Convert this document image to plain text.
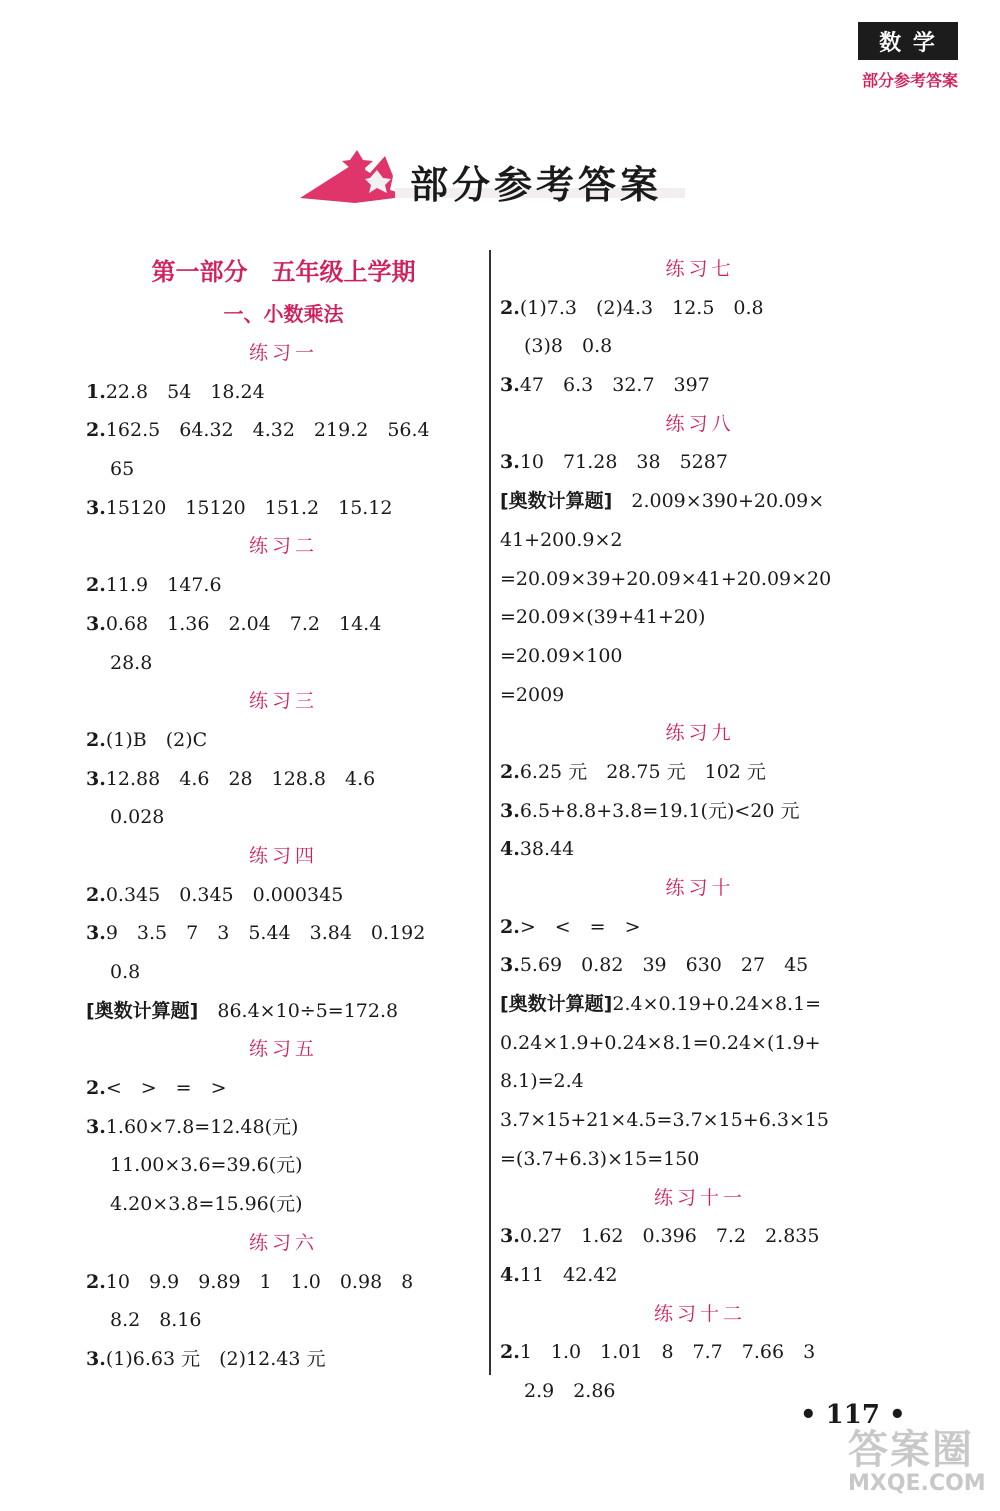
数 学
部分参考答案
部分参考答案
第一部分　五年级上学期
一、小数乘法
练习一
1.22.8　54　18.24
2.162.5　64.32　4.32　219.2　56.4
65
3.15120　15120　151.2　15.12
练习二
2.11.9　147.6
3.0.68　1.36　2.04　7.2　14.4
28.8
练习三
2.(1)B　(2)C
3.12.88　4.6　28　128.8　4.6
0.028
练习四
2.0.345　0.345　0.000345
3.9　3.5　7　3　5.44　3.84　0.192
0.8
[奥数计算题]　86.4×10÷5=172.8
练习五
2.<　>　=　>
3.1.60×7.8=12.48(元)
11.00×3.6=39.6(元)
4.20×3.8=15.96(元)
练习六
2.10　9.9　9.89　1　1.0　0.98　8
8.2　8.16
3.(1)6.63 元　(2)12.43 元
练习七
2.(1)7.3　(2)4.3　12.5　0.8
(3)8　0.8
3.47　6.3　32.7　397
练习八
3.10　71.28　38　5287
[奥数计算题]　2.009×390+20.09×
41+200.9×2
=20.09×39+20.09×41+20.09×20
=20.09×(39+41+20)
=20.09×100
=2009
练习九
2.6.25 元　28.75 元　102 元
3.6.5+8.8+3.8=19.1(元)<20 元
4.38.44
练习十
2.>　<　=　>
3.5.69　0.82　39　630　27　45
[奥数计算题]2.4×0.19+0.24×8.1=
0.24×1.9+0.24×8.1=0.24×(1.9+
8.1)=2.4
3.7×15+21×4.5=3.7×15+6.3×15
=(3.7+6.3)×15=150
练习十一
3.0.27　1.62　0.396　7.2　2.835
4.11　42.42
练习十二
2.1　1.0　1.01　8　7.7　7.66　3
2.9　2.86
• 117 •
答案圈
MXQE.COM
